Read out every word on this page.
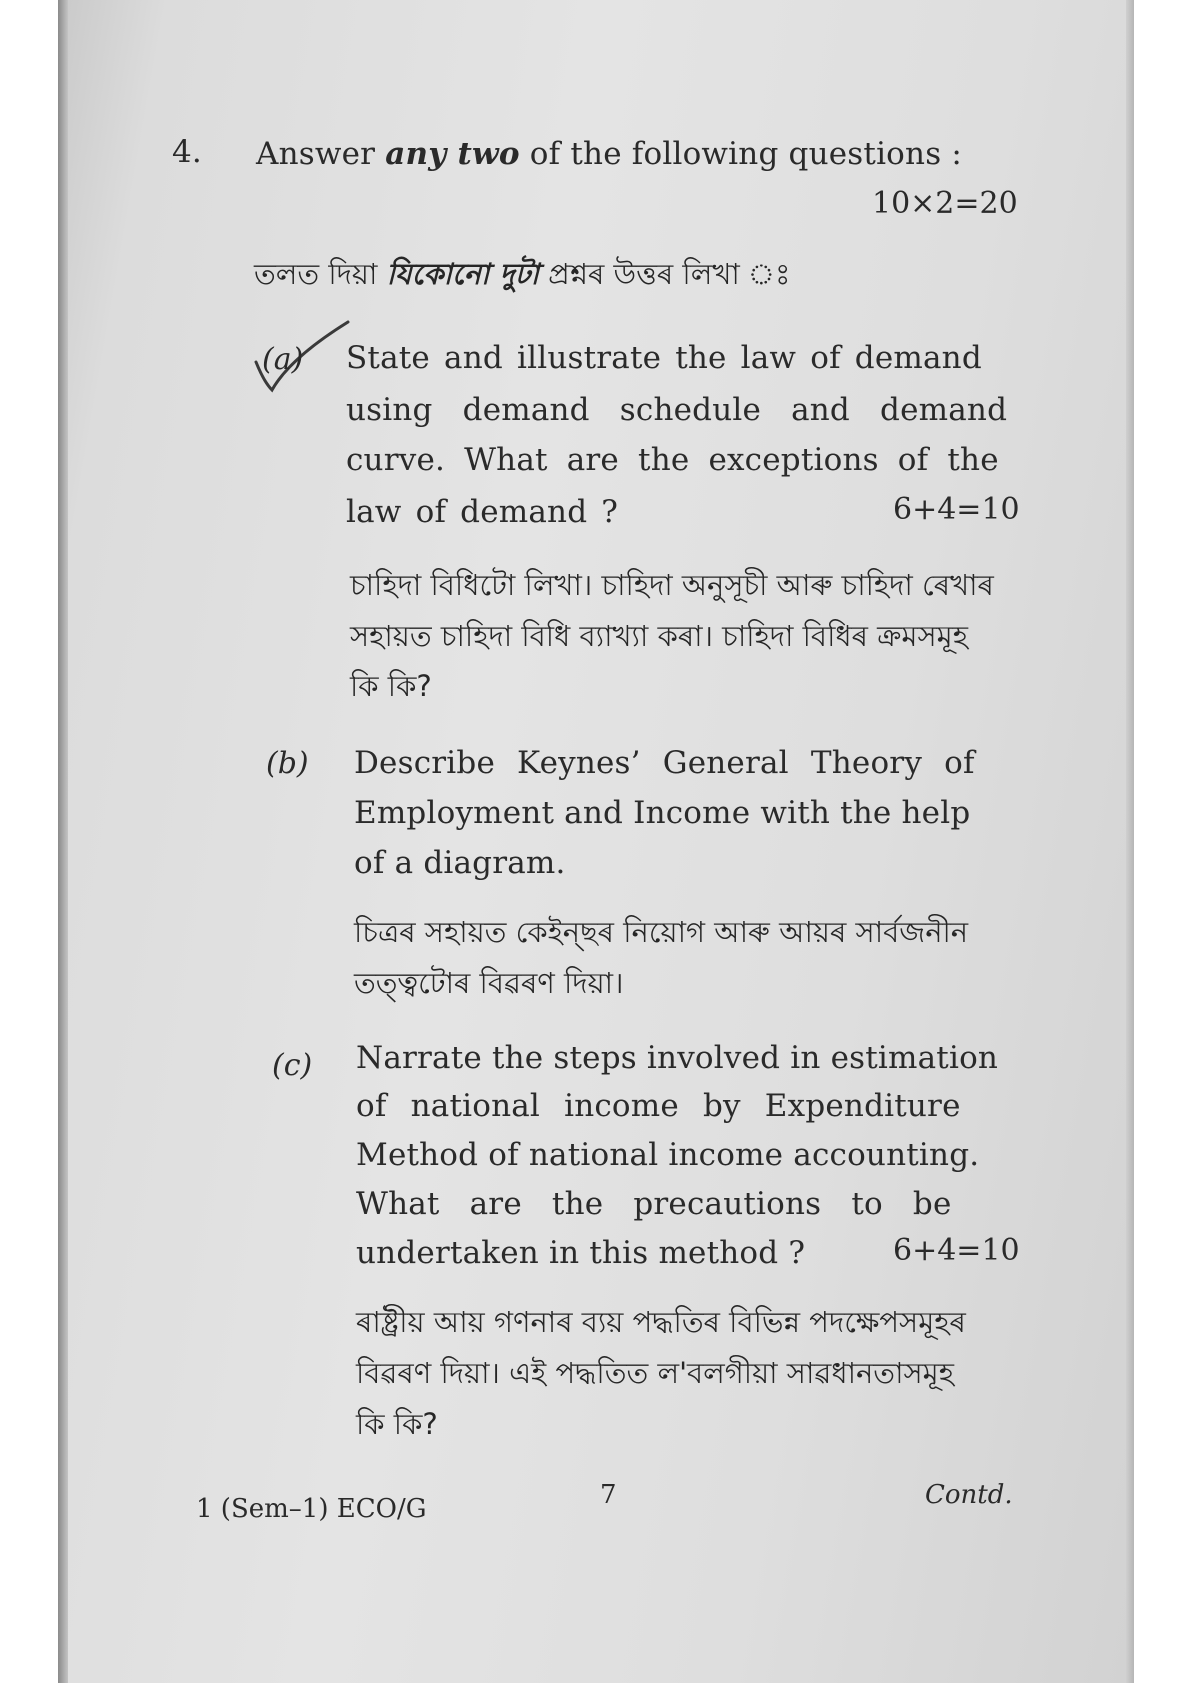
4. Answer any two of the following questions :
10×2=20
তলত দিয়া যিকোনো দুটা প্ৰশ্নৰ উত্তৰ লিখা ঃ
(a) State and illustrate the law of demand
using demand schedule and demand
curve. What are the exceptions of the
law of demand ?	6+4=10
চাহিদা বিধিটো লিখা। চাহিদা অনুসূচী আৰু চাহিদা ৰেখাৰ
সহায়ত চাহিদা বিধি ব্যাখ্যা কৰা। চাহিদা বিধিৰ ক্ৰমসমূহ
কি কি?
(b) Describe Keynes’ General Theory of
Employment and Income with the help
of a diagram.
চিত্ৰৰ সহায়ত কেইন্‌ছৰ নিয়োগ আৰু আয়ৰ সাৰ্বজনীন
তত্ত্বটোৰ বিৱৰণ দিয়া।
(c) Narrate the steps involved in estimation
of national income by Expenditure
Method of national income accounting.
What are the precautions to be
undertaken in this method ?	6+4=10
ৰাষ্ট্ৰীয় আয় গণনাৰ ব্যয় পদ্ধতিৰ বিভিন্ন পদক্ষেপসমূহৰ
বিৱৰণ দিয়া। এই পদ্ধতিত ল'বলগীয়া সাৱধানতাসমূহ
কি কি?
1 (Sem–1) ECO/G	7	Contd.
